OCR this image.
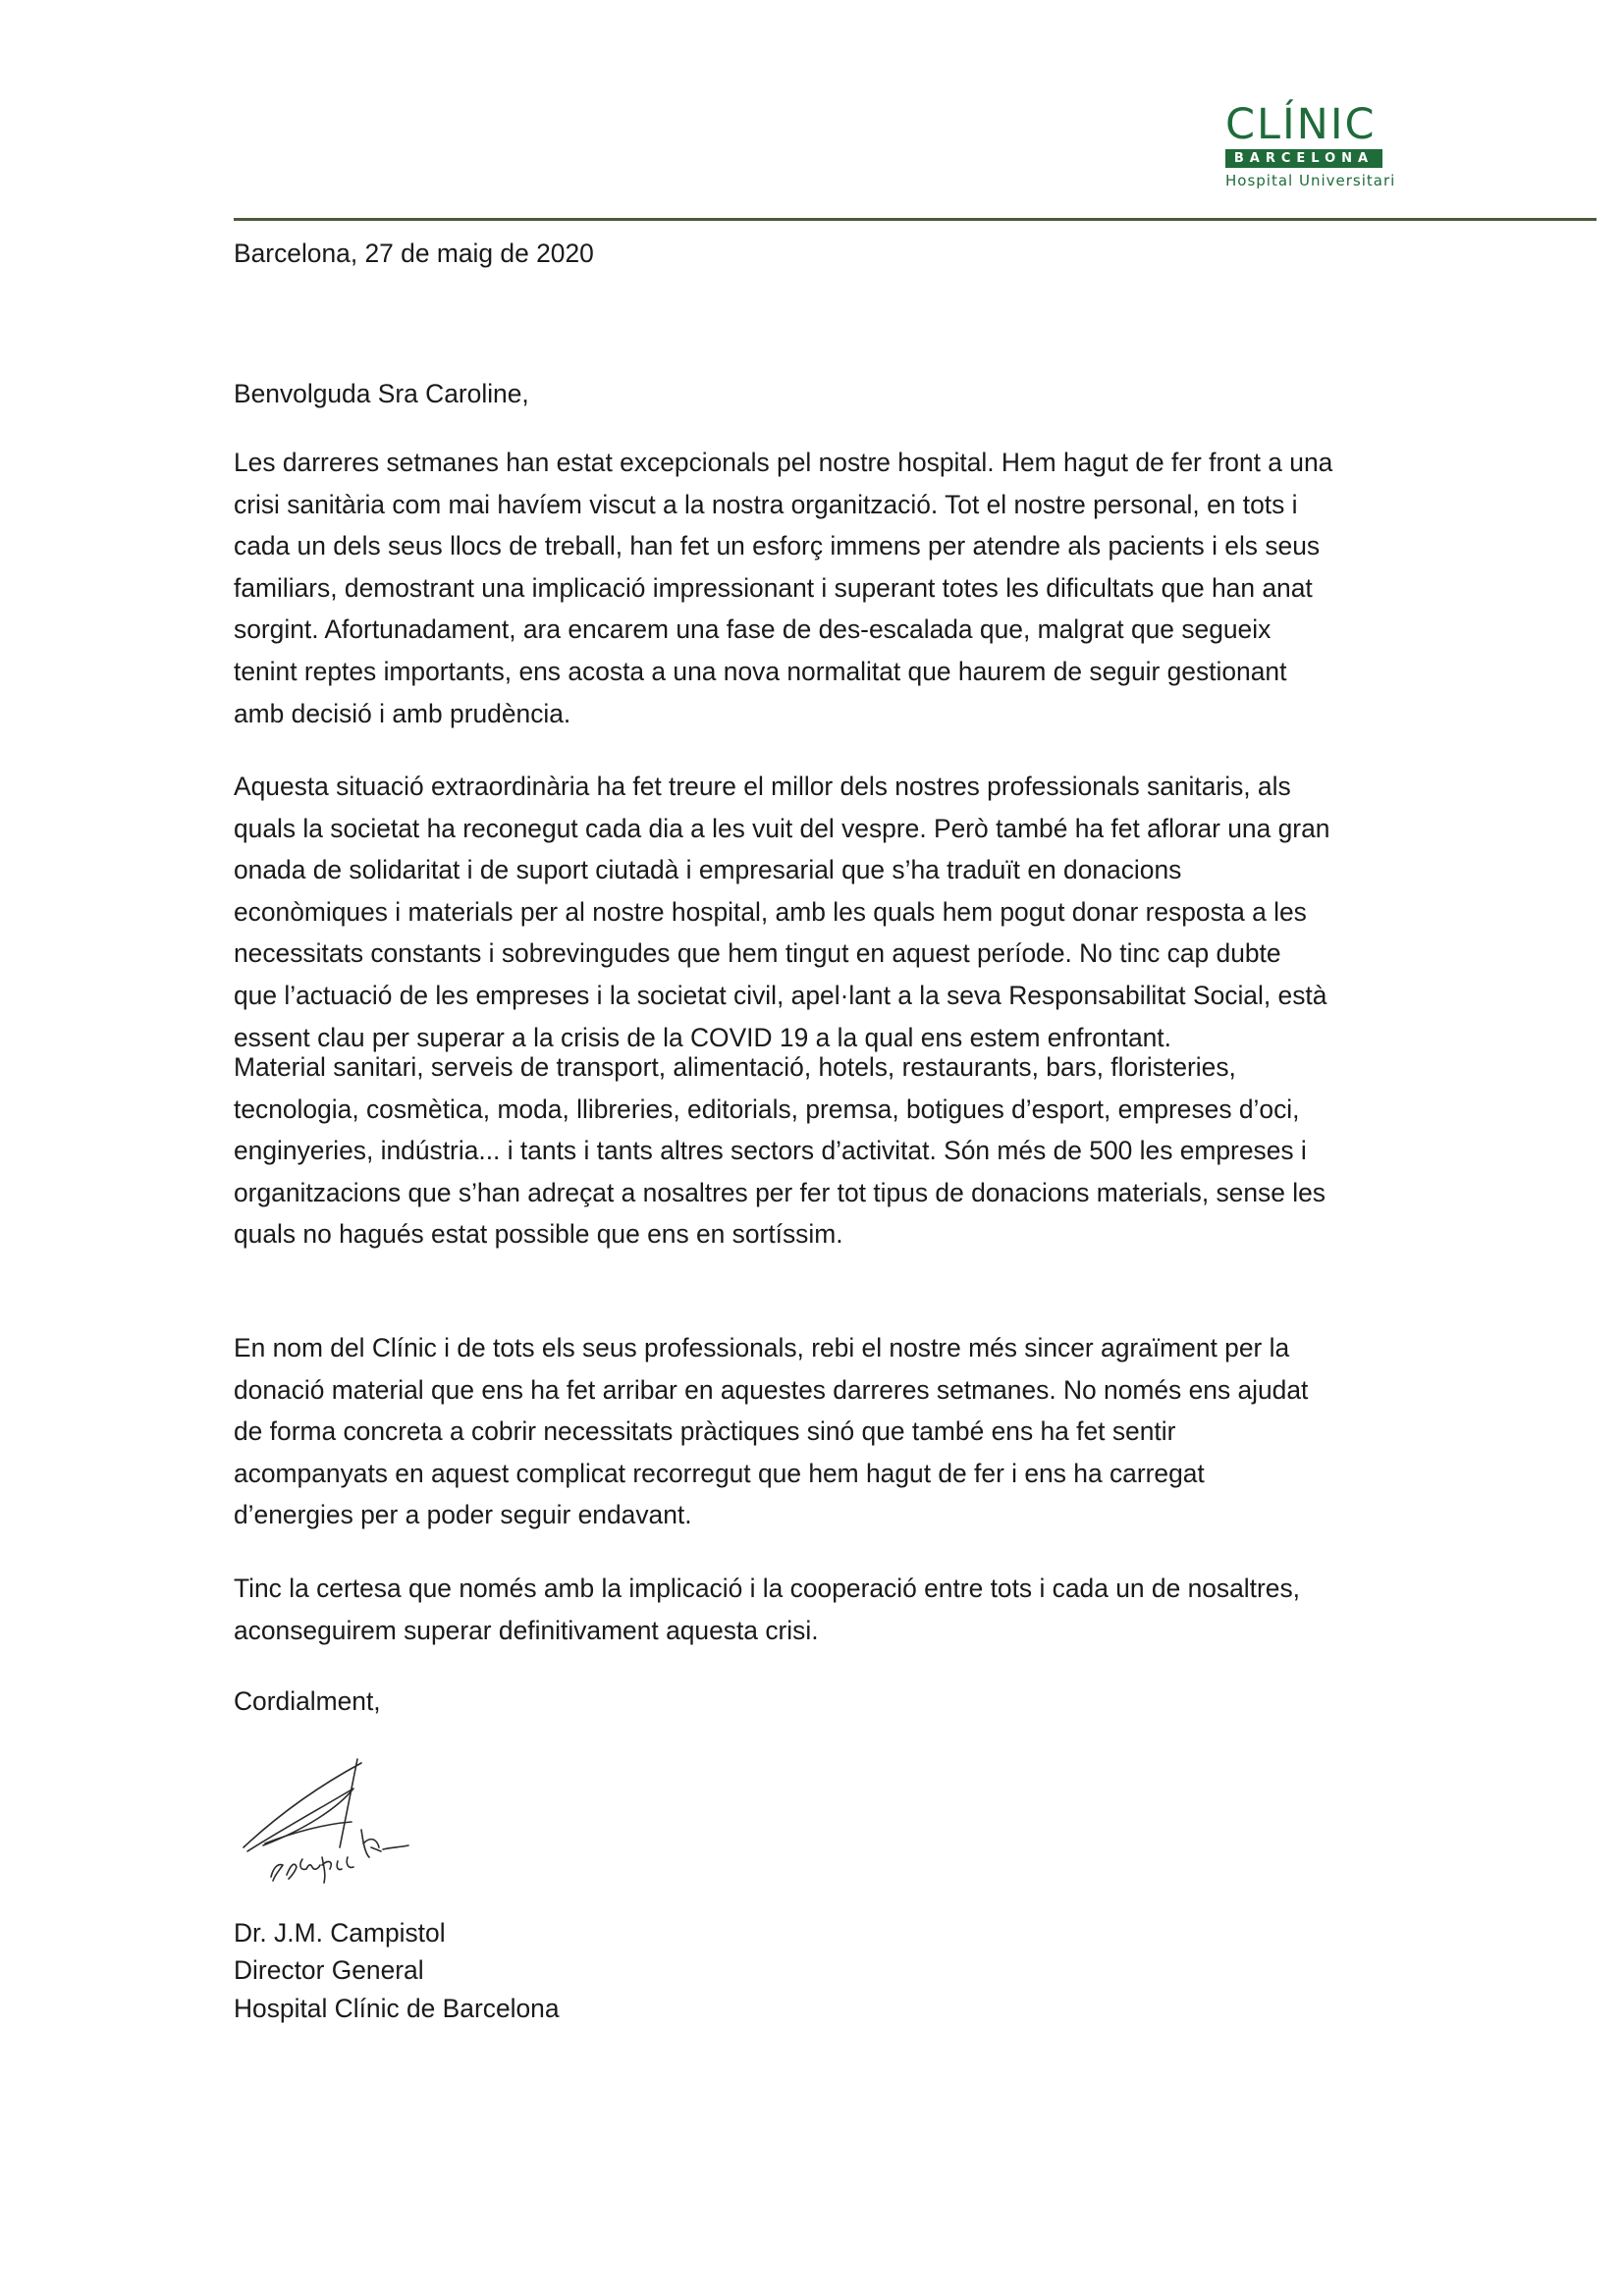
CLÍNIC
BARCELONA
Hospital Universitari
Barcelona, 27 de maig de 2020
Benvolguda Sra Caroline,
Les darreres setmanes han estat excepcionals pel nostre hospital. Hem hagut de fer front a una
crisi sanitària com mai havíem viscut a la nostra organització. Tot el nostre personal, en tots i
cada un dels seus llocs de treball, han fet un esforç immens per atendre als pacients i els seus
familiars, demostrant una implicació impressionant i superant totes les dificultats que han anat
sorgint. Afortunadament, ara encarem una fase de des-escalada que, malgrat que segueix
tenint reptes importants, ens acosta a una nova normalitat que haurem de seguir gestionant
amb decisió i amb prudència.
Aquesta situació extraordinària ha fet treure el millor dels nostres professionals sanitaris, als
quals la societat ha reconegut cada dia a les vuit del vespre. Però també ha fet aflorar una gran
onada de solidaritat i de suport ciutadà i empresarial que s’ha traduït en donacions
econòmiques i materials per al nostre hospital, amb les quals hem pogut donar resposta a les
necessitats constants i sobrevingudes que hem tingut en aquest període. No tinc cap dubte
que l’actuació de les empreses i la societat civil, apel·lant a la seva Responsabilitat Social, està
essent clau per superar a la crisis de la COVID 19 a la qual ens estem enfrontant.
Material sanitari, serveis de transport, alimentació, hotels, restaurants, bars, floristeries,
tecnologia, cosmètica, moda, llibreries, editorials, premsa, botigues d’esport, empreses d’oci,
enginyeries, indústria... i tants i tants altres sectors d’activitat. Són més de 500 les empreses i
organitzacions que s’han adreçat a nosaltres per fer tot tipus de donacions materials, sense les
quals no hagués estat possible que ens en sortíssim.
En nom del Clínic i de tots els seus professionals, rebi el nostre més sincer agraïment per la
donació material que ens ha fet arribar en aquestes darreres setmanes. No només ens ajudat
de forma concreta a cobrir necessitats pràctiques sinó que també ens ha fet sentir
acompanyats en aquest complicat recorregut que hem hagut de fer i ens ha carregat
d’energies per a poder seguir endavant.
Tinc la certesa que només amb la implicació i la cooperació entre tots i cada un de nosaltres,
aconseguirem superar definitivament aquesta crisi.
Cordialment,
Dr. J.M. Campistol
Director General
Hospital Clínic de Barcelona
